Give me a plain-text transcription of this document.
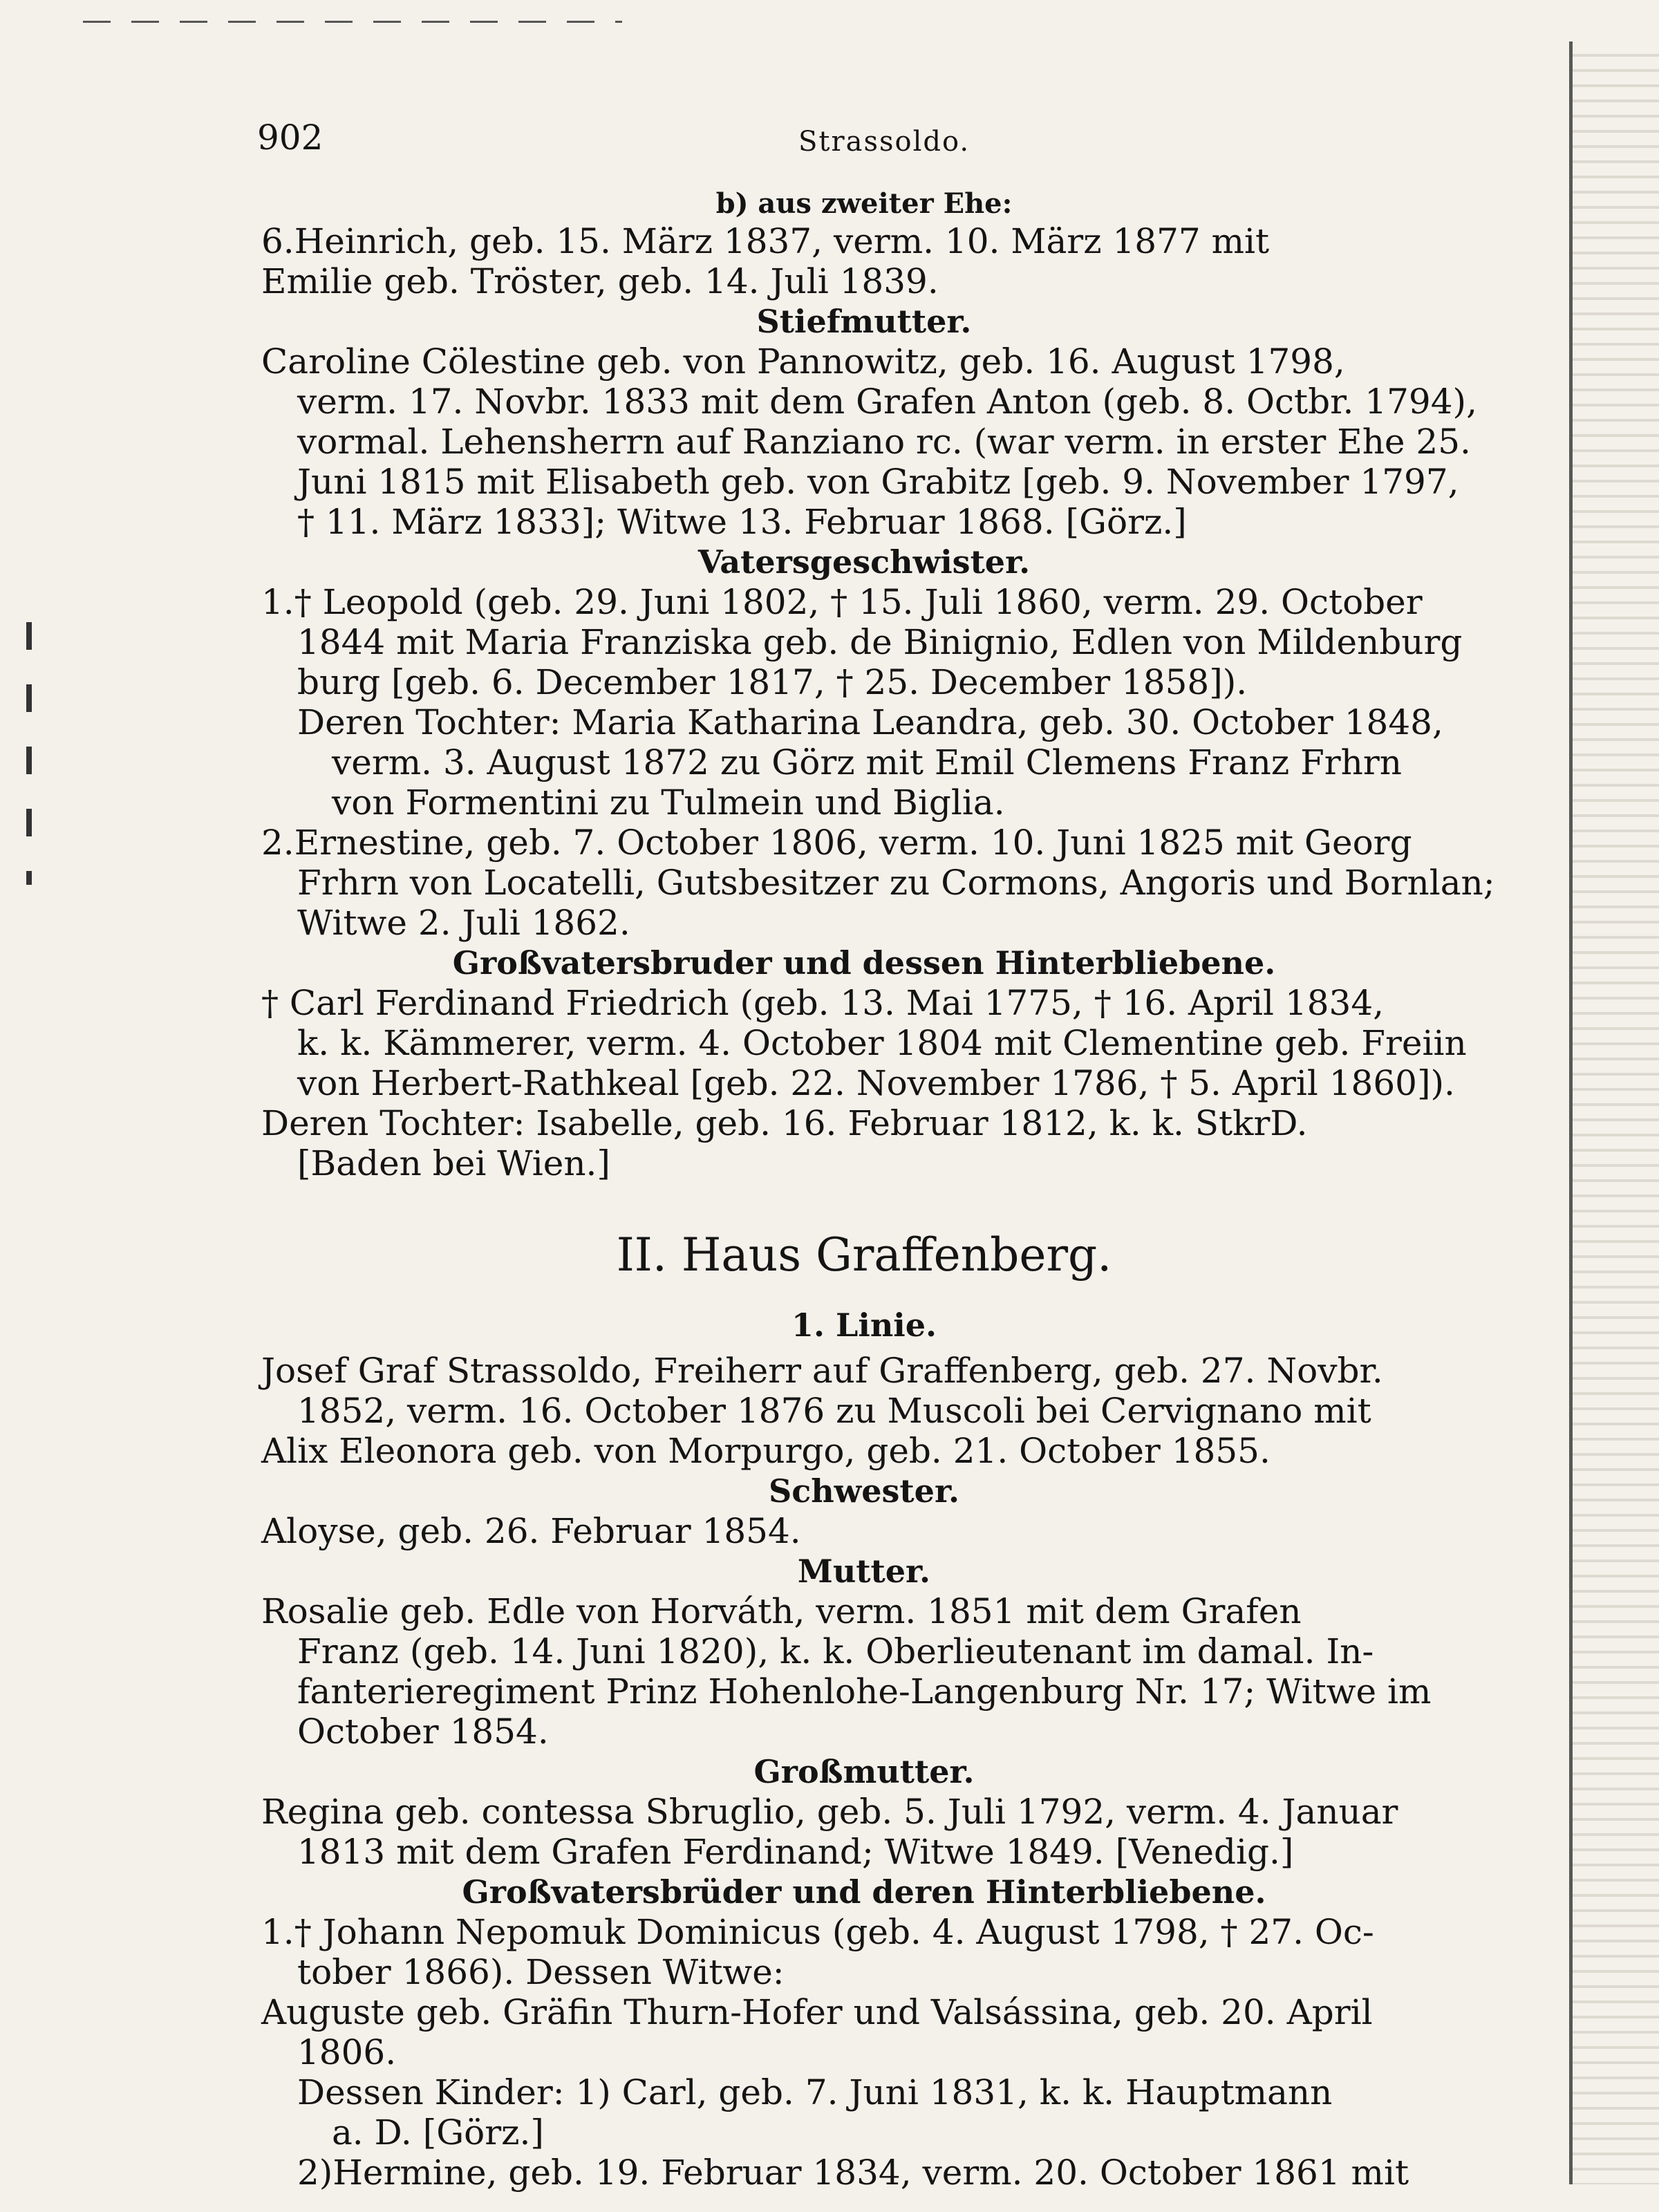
902	Strassoldo.
b) aus zweiter Ehe:
6.Heinrich, geb. 15. März 1837, verm. 10. März 1877 mit
Emilie geb. Tröster, geb. 14. Juli 1839.
Stiefmutter.
Caroline Cölestine geb. von Pannowitz, geb. 16. August 1798,
verm. 17. Novbr. 1833 mit dem Grafen Anton (geb. 8. Octbr. 1794),
vormal. Lehensherrn auf Ranziano rc. (war verm. in erster Ehe 25.
Juni 1815 mit Elisabeth geb. von Grabitz [geb. 9. November 1797,
† 11. März 1833]; Witwe 13. Februar 1868. [Görz.]
Vatersgeschwister.
1.† Leopold (geb. 29. Juni 1802, † 15. Juli 1860, verm. 29. October
1844 mit Maria Franziska geb. de Binignio, Edlen von Mildenburg
burg [geb. 6. December 1817, † 25. December 1858]).
Deren Tochter: Maria Katharina Leandra, geb. 30. October 1848,
verm. 3. August 1872 zu Görz mit Emil Clemens Franz Frhrn
von Formentini zu Tulmein und Biglia.
2.Ernestine, geb. 7. October 1806, verm. 10. Juni 1825 mit Georg
Frhrn von Locatelli, Gutsbesitzer zu Cormons, Angoris und Bornlan;
Witwe 2. Juli 1862.
Großvatersbruder und dessen Hinterbliebene.
† Carl Ferdinand Friedrich (geb. 13. Mai 1775, † 16. April 1834,
k. k. Kämmerer, verm. 4. October 1804 mit Clementine geb. Freiin
von Herbert-Rathkeal [geb. 22. November 1786, † 5. April 1860]).
Deren Tochter: Isabelle, geb. 16. Februar 1812, k. k. StkrD.
[Baden bei Wien.]
II. Haus Graffenberg.
1. Linie.
Josef Graf Strassoldo, Freiherr auf Graffenberg, geb. 27. Novbr.
1852, verm. 16. October 1876 zu Muscoli bei Cervignano mit
Alix Eleonora geb. von Morpurgo, geb. 21. October 1855.
Schwester.
Aloyse, geb. 26. Februar 1854.
Mutter.
Rosalie geb. Edle von Horváth, verm. 1851 mit dem Grafen
Franz (geb. 14. Juni 1820), k. k. Oberlieutenant im damal. In-
fanterieregiment Prinz Hohenlohe-Langenburg Nr. 17; Witwe im
October 1854.
Großmutter.
Regina geb. contessa Sbruglio, geb. 5. Juli 1792, verm. 4. Januar
1813 mit dem Grafen Ferdinand; Witwe 1849. [Venedig.]
Großvatersbrüder und deren Hinterbliebene.
1.† Johann Nepomuk Dominicus (geb. 4. August 1798, † 27. Oc-
tober 1866). Dessen Witwe:
Auguste geb. Gräfin Thurn-Hofer und Valsássina, geb. 20. April
1806.
Dessen Kinder: 1) Carl, geb. 7. Juni 1831, k. k. Hauptmann
a. D. [Görz.]
2)Hermine, geb. 19. Februar 1834, verm. 20. October 1861 mit
